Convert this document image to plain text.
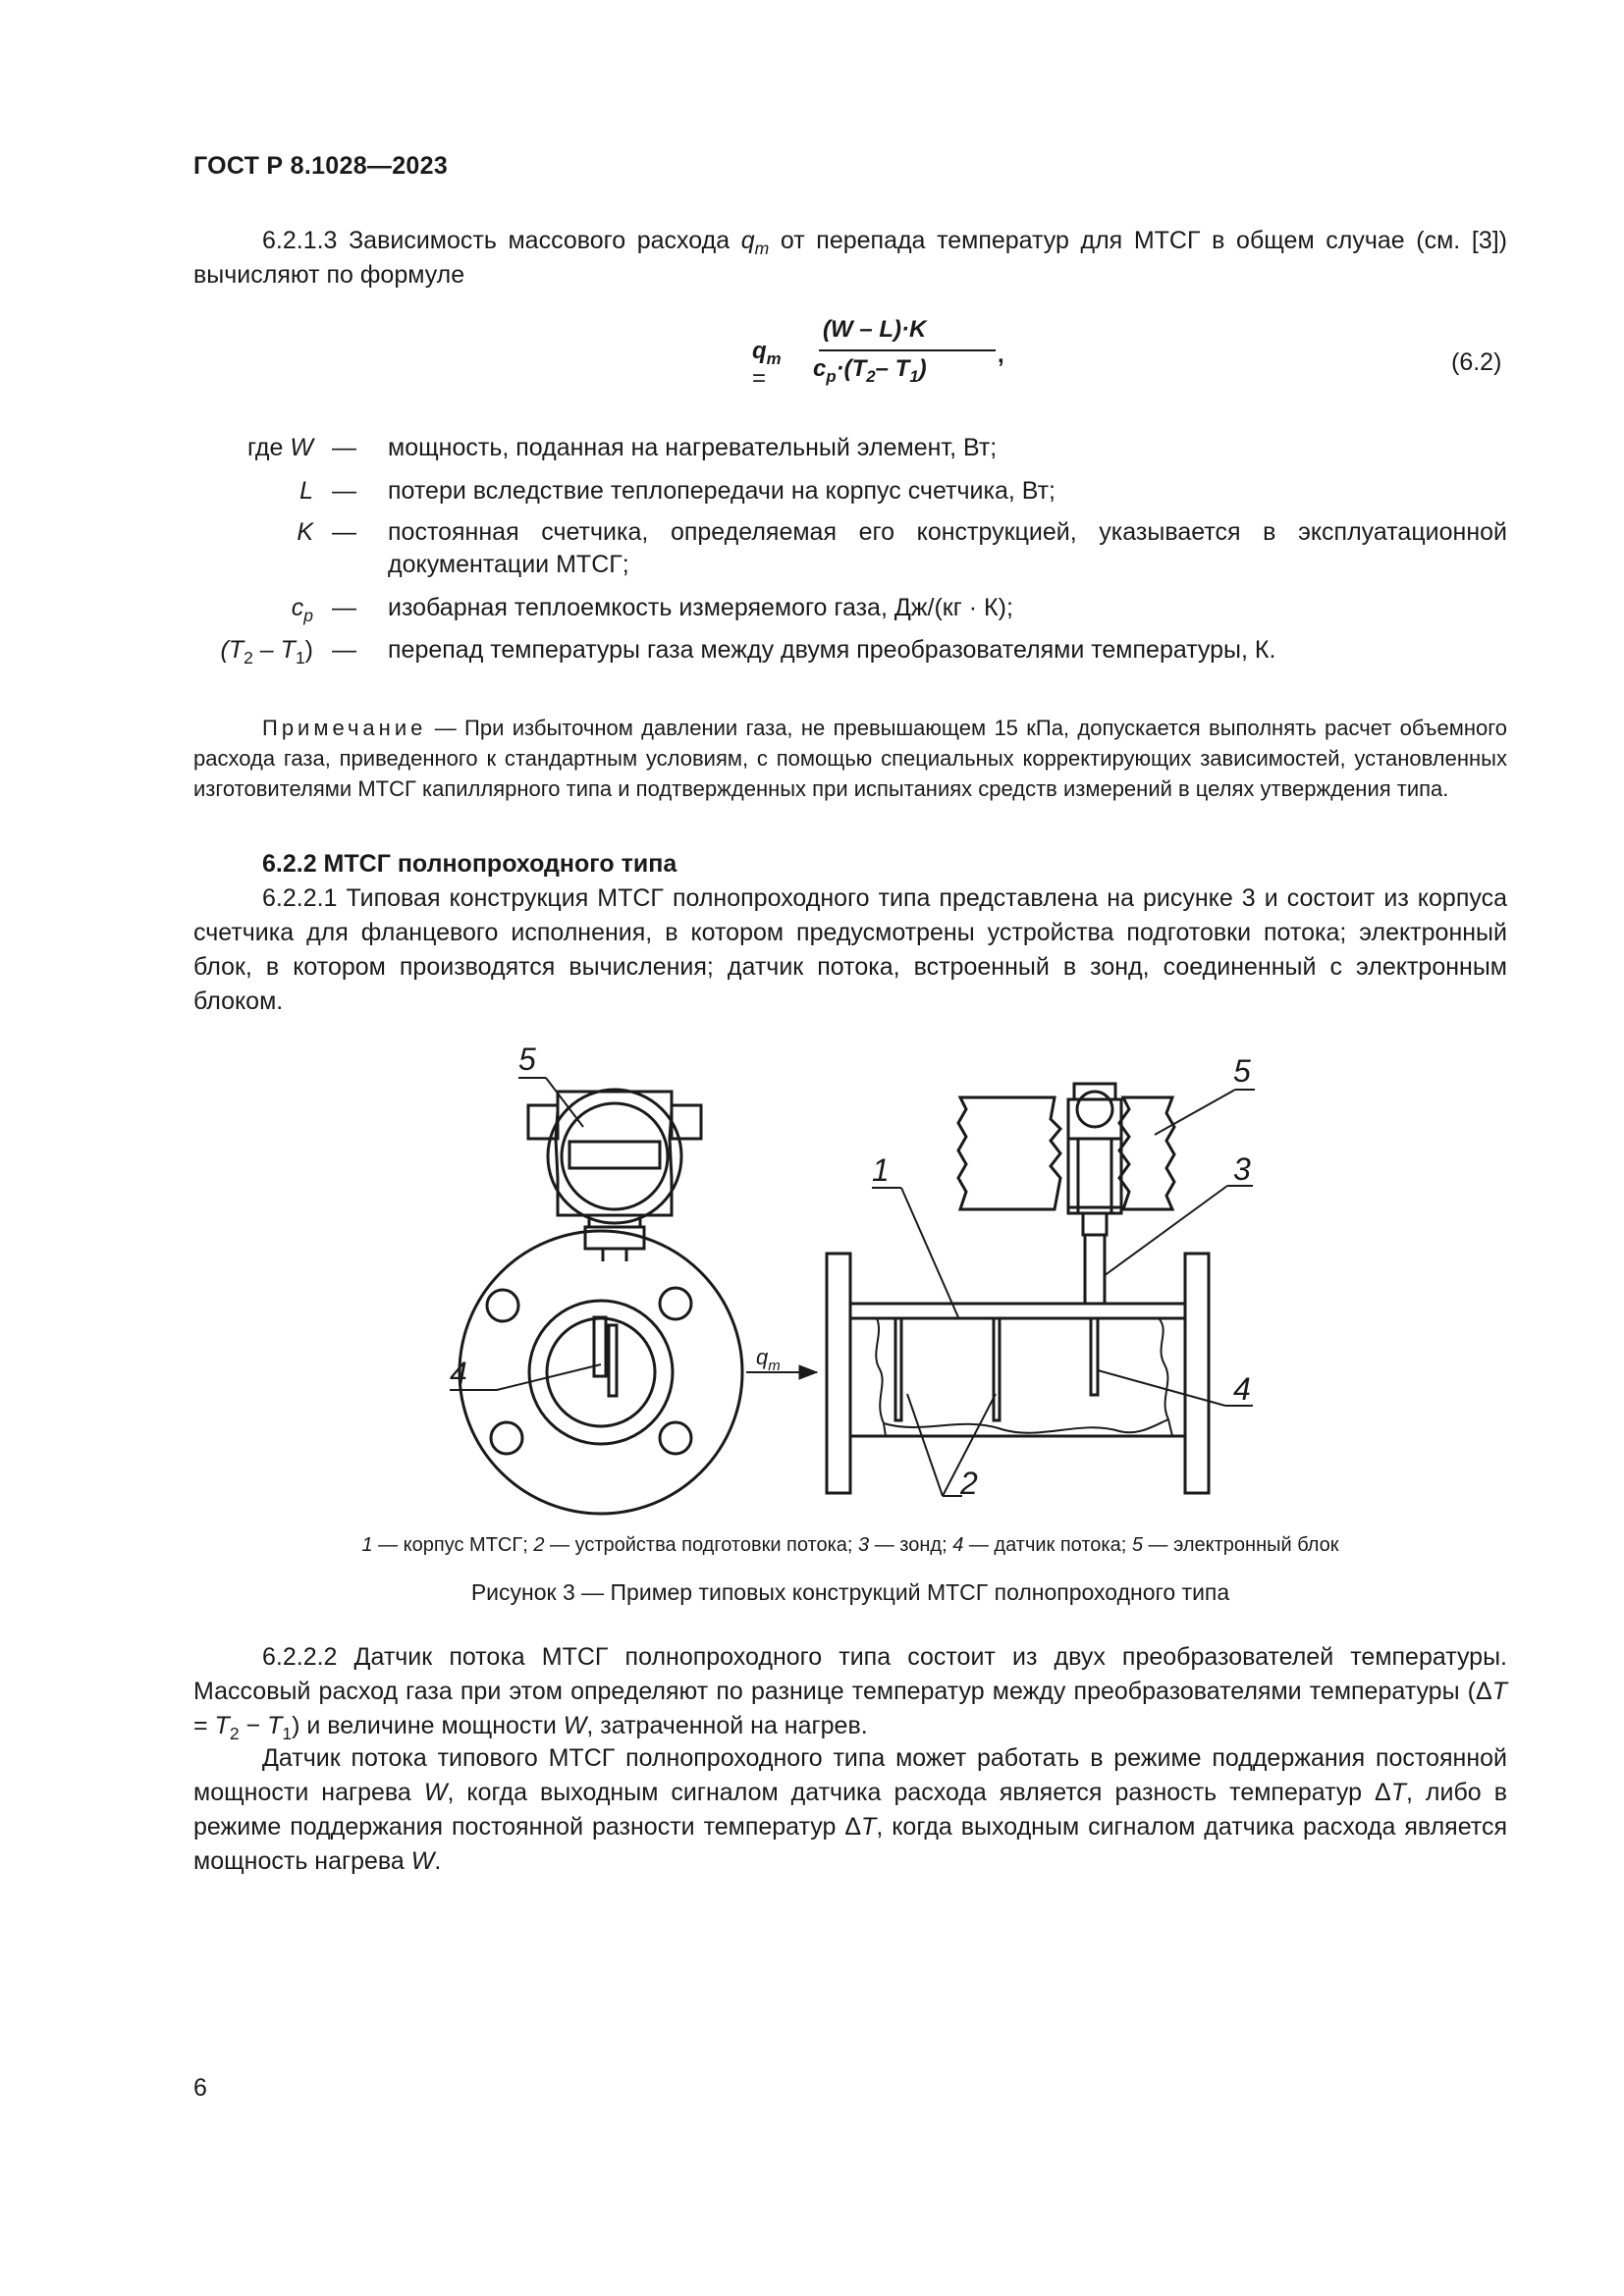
ГОСТ Р 8.1028—2023

6.2.1.3 Зависимость массового расхода $q_m$ от перепада температур для МТСГ в общем случае (см. [3]) вычисляют по формуле

$q_m$ =
(W – L)·K
$c_p\cdot(T_2-$ $T_1$)
,	(6.2)
где W — мощность, поданная на нагревательный элемент, Вт;
L — потери вследствие теплопередачи на корпус счетчика, Вт;
K — постоянная счетчика, определяемая его конструкцией, указывается в эксплуатационной документации МТСГ;
$c_p$ — изобарная теплоемкость измеряемого газа, Дж/(кг · К);
$(T_2 - T_1)$ — перепад температуры газа между двумя преобразователями температуры, К.

Примечание — При избыточном давлении газа, не превышающем 15 кПа, допускается выполнять расчет объемного расхода газа, приведенного к стандартным условиям, с помощью специальных корректирующих зависимостей, установленных изготовителями МТСГ капиллярного типа и подтвержденных при испытаниях средств измерений в целях утверждения типа.

6.2.2 МТСГ полнопроходного типа

6.2.2.1 Типовая конструкция МТСГ полнопроходного типа представлена на рисунке 3 и состоит из корпуса счетчика для фланцевого исполнения, в котором предусмотрены устройства подготовки потока; электронный блок, в котором производятся вычисления; датчик потока, встроенный в зонд, соединенный с электронным блоком.

5
4
1
5
3
4
2
$q_m$
1 — корпус МТСГ; 2 — устройства подготовки потока; 3 — зонд; 4 — датчик потока; 5 — электронный блок
Рисунок 3 — Пример типовых конструкций МТСГ полнопроходного типа

6.2.2.2 Датчик потока МТСГ полнопроходного типа состоит из двух преобразователей температуры. Массовый расход газа при этом определяют по разнице температур между преобразователями температуры $(\Delta T = T_2 - T_1)$ и величине мощности W, затраченной на нагрев.

Датчик потока типового МТСГ полнопроходного типа может работать в режиме поддержания постоянной мощности нагрева W, когда выходным сигналом датчика расхода является разность температур ΔT, либо в режиме поддержания постоянной разности температур ΔT, когда выходным сигналом датчика расхода является мощность нагрева W.

6
